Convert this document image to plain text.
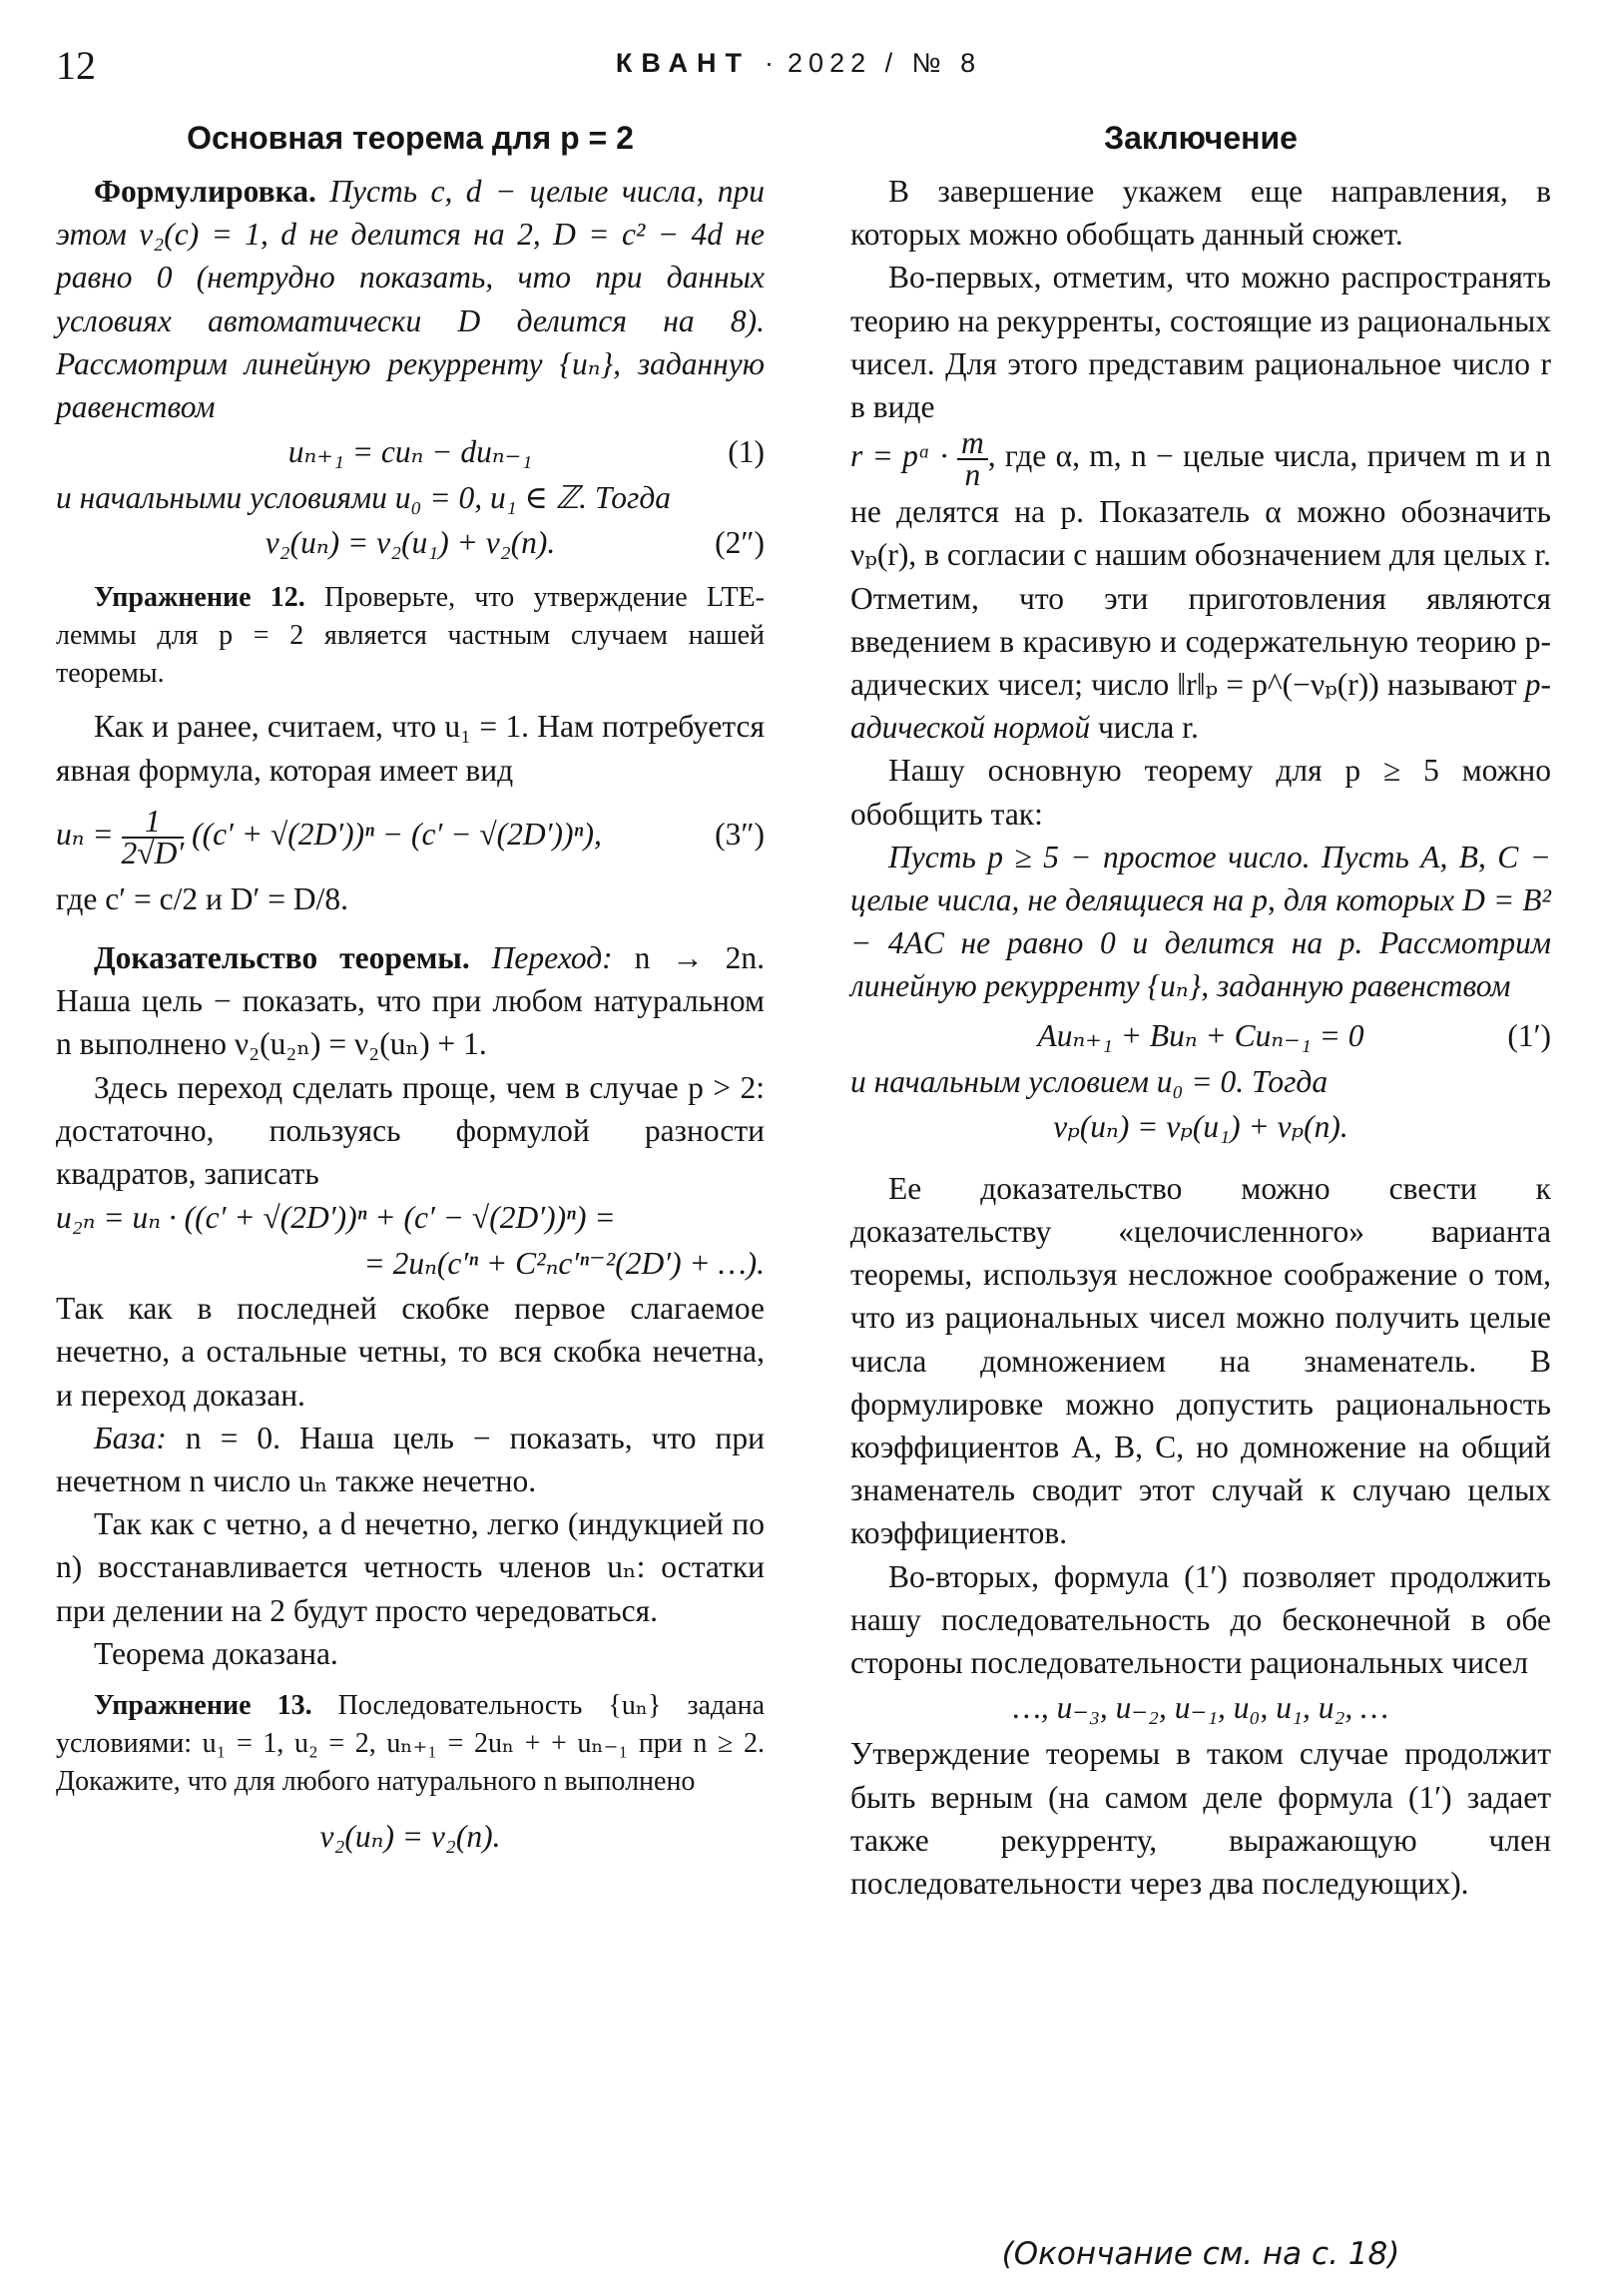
12	КВАНТ · 2022 / № 8
Основная теорема для p = 2

Формулировка. Пусть c, d − целые числа, при этом ν₂(c) = 1, d не делится на 2, D = c² − 4d не равно 0 (нетрудно показать, что при данных условиях автоматически D делится на 8). Рассмотрим линейную рекурренту {uₙ}, заданную равенством

uₙ₊₁ = cuₙ − duₙ₋₁	(1)

и начальными условиями u₀ = 0, u₁ ∈ ℤ. Тогда

ν₂(uₙ) = ν₂(u₁) + ν₂(n).	(2″)

Упражнение 12. Проверьте, что утверждение LTE-леммы для p = 2 является частным случаем нашей теоремы.

Как и ранее, считаем, что u₁ = 1. Нам потребуется явная формула, которая имеет вид

$u_n = \frac{1}{2√D'} ((c' + √(2D'))^n - (c' - √(2D'))^n)$,	(3″)

где c′ = c/2 и D′ = D/8.

Доказательство теоремы. Переход: n → 2n. Наша цель − показать, что при любом натуральном n выполнено ν₂(u₂ₙ) = ν₂(uₙ) + 1.

Здесь переход сделать проще, чем в случае p > 2: достаточно, пользуясь формулой разности квадратов, записать

u₂ₙ = uₙ · ((c′ + √(2D′))ⁿ + (c′ − √(2D′))ⁿ) =
= 2uₙ(c′ⁿ + C²ₙc′ⁿ⁻²(2D′) + …).

Так как в последней скобке первое слагаемое нечетно, а остальные четны, то вся скобка нечетна, и переход доказан.

База: n = 0. Наша цель − показать, что при нечетном n число uₙ также нечетно.

Так как c четно, а d нечетно, легко (индукцией по n) восстанавливается четность членов uₙ: остатки при делении на 2 будут просто чередоваться.

Теорема доказана.

Упражнение 13. Последовательность {uₙ} задана условиями: u₁ = 1, u₂ = 2, uₙ₊₁ = 2uₙ + + uₙ₋₁ при n ≥ 2. Докажите, что для любого натурального n выполнено

ν₂(uₙ) = ν₂(n).
Заключение

В завершение укажем еще направления, в которых можно обобщать данный сюжет.

Во-первых, отметим, что можно распространять теорию на рекурренты, состоящие из рациональных чисел. Для этого представим рациональное число r в виде

r = pᵅ · $\frac{m}{n}$ , где α, m, n − целые числа, причем m и n не делятся на p. Показатель α можно обозначить νₚ(r), в согласии с нашим обозначением для целых r. Отметим, что эти приготовления являются введением в красивую и содержательную теорию p-адических чисел; число ‖r‖ₚ = p^(−νₚ(r)) называют p-адической нормой числа r.

Нашу основную теорему для p ≥ 5 можно обобщить так:

Пусть p ≥ 5 − простое число. Пусть A, B, C − целые числа, не делящиеся на p, для которых D = B² − 4AC не равно 0 и делится на p. Рассмотрим линейную рекурренту {uₙ}, заданную равенством

Auₙ₊₁ + Buₙ + Cuₙ₋₁ = 0	(1′)

и начальным условием u₀ = 0. Тогда

νₚ(uₙ) = νₚ(u₁) + νₚ(n).

Ее доказательство можно свести к доказательству «целочисленного» варианта теоремы, используя несложное соображение о том, что из рациональных чисел можно получить целые числа домножением на знаменатель. В формулировке можно допустить рациональность коэффициентов A, B, C, но домножение на общий знаменатель сводит этот случай к случаю целых коэффициентов.

Во-вторых, формула (1′) позволяет продолжить нашу последовательность до бесконечной в обе стороны последовательности рациональных чисел

…, u₋₃, u₋₂, u₋₁, u₀, u₁, u₂, …

Утверждение теоремы в таком случае продолжит быть верным (на самом деле формула (1′) задает также рекурренту, выражающую член последовательности через два последующих).

(Окончание см. на с. 18)
